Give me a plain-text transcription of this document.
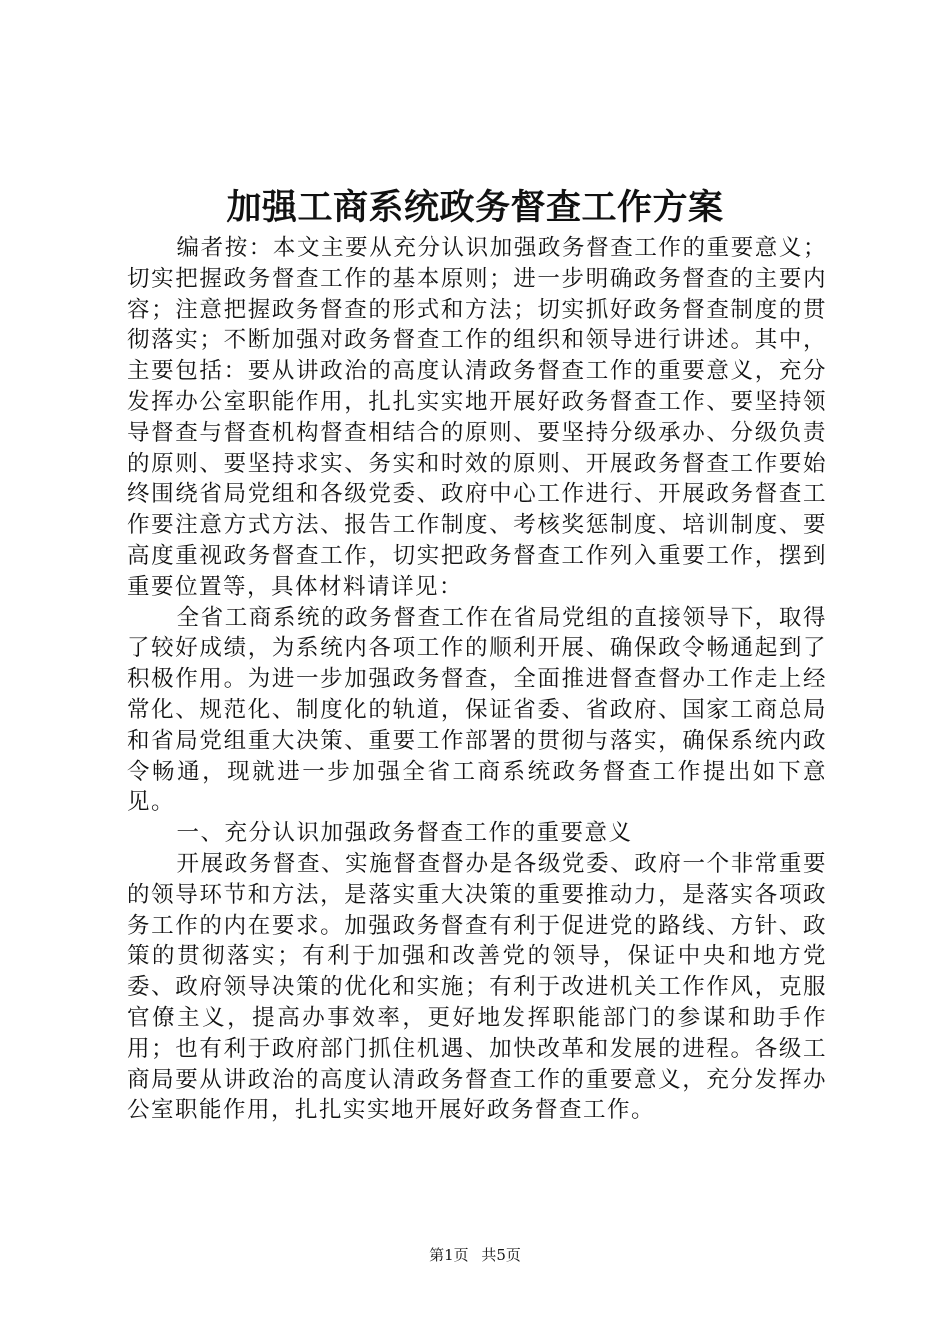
加强工商系统政务督查工作方案

编者按：本文主要从充分认识加强政务督查工作的重要意义；切实把握政务督查工作的基本原则；进一步明确政务督查的主要内容；注意把握政务督查的形式和方法；切实抓好政务督查制度的贯彻落实；不断加强对政务督查工作的组织和领导进行讲述。其中，主要包括：要从讲政治的高度认清政务督查工作的重要意义，充分发挥办公室职能作用，扎扎实实地开展好政务督查工作、要坚持领导督查与督查机构督查相结合的原则、要坚持分级承办、分级负责的原则、要坚持求实、务实和时效的原则、开展政务督查工作要始终围绕省局党组和各级党委、政府中心工作进行、开展政务督查工作要注意方式方法、报告工作制度、考核奖惩制度、培训制度、要高度重视政务督查工作，切实把政务督查工作列入重要工作，摆到重要位置等，具体材料请详见：

全省工商系统的政务督查工作在省局党组的直接领导下，取得了较好成绩，为系统内各项工作的顺利开展、确保政令畅通起到了积极作用。为进一步加强政务督查，全面推进督查督办工作走上经常化、规范化、制度化的轨道，保证省委、省政府、国家工商总局和省局党组重大决策、重要工作部署的贯彻与落实，确保系统内政令畅通，现就进一步加强全省工商系统政务督查工作提出如下意见。

一、充分认识加强政务督查工作的重要意义

开展政务督查、实施督查督办是各级党委、政府一个非常重要的领导环节和方法，是落实重大决策的重要推动力，是落实各项政务工作的内在要求。加强政务督查有利于促进党的路线、方针、政策的贯彻落实；有利于加强和改善党的领导，保证中央和地方党委、政府领导决策的优化和实施；有利于改进机关工作作风，克服官僚主义，提高办事效率，更好地发挥职能部门的参谋和助手作用；也有利于政府部门抓住机遇、加快改革和发展的进程。各级工商局要从讲政治的高度认清政务督查工作的重要意义，充分发挥办公室职能作用，扎扎实实地开展好政务督查工作。

第1页 共5页
